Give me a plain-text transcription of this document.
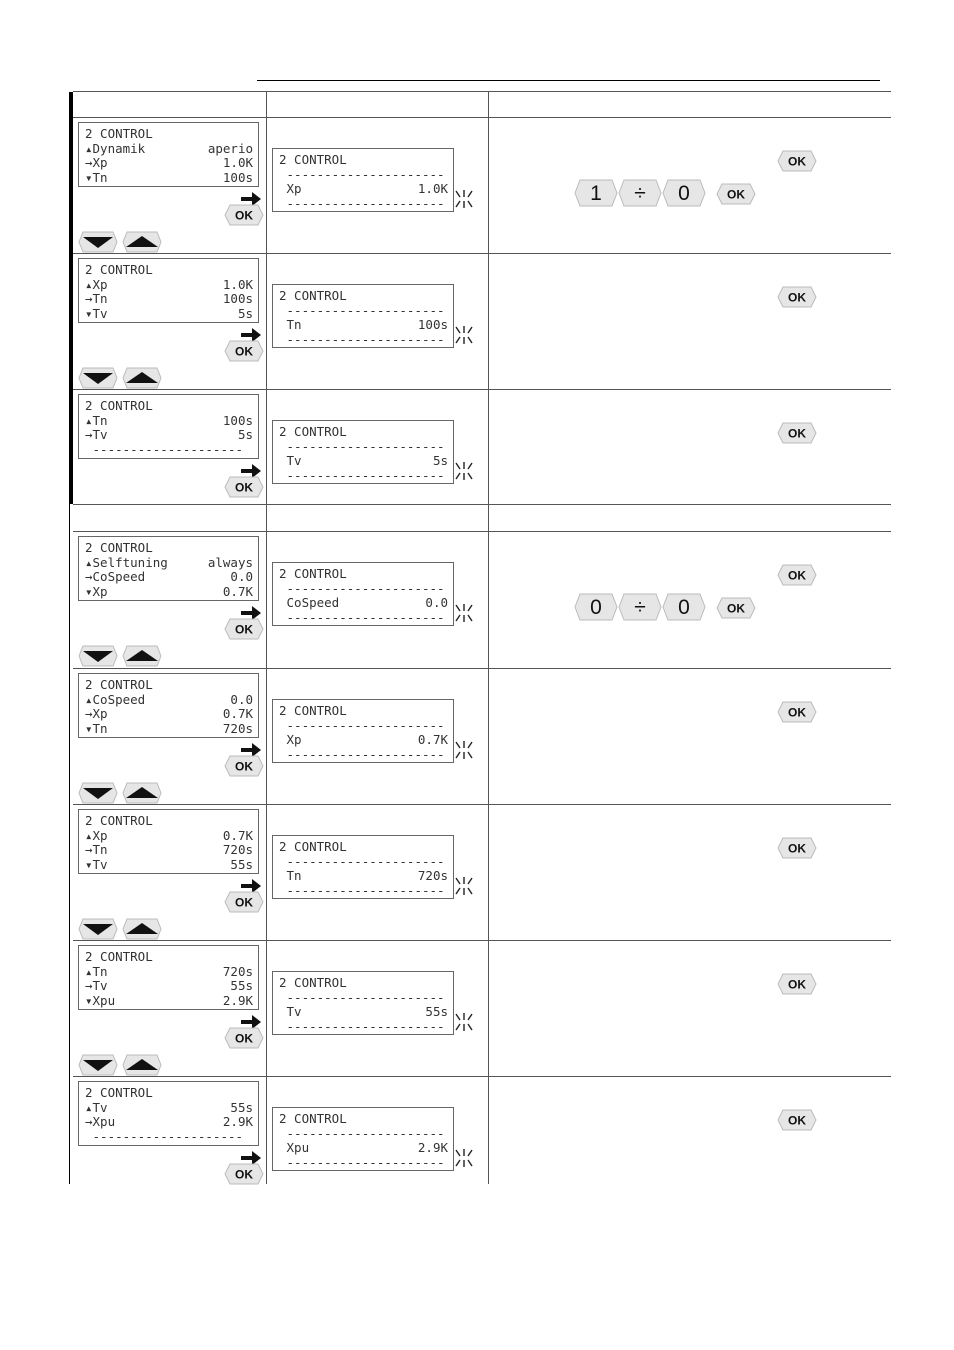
2 CONTROL
▴Dynamik	aperio
→Xp	1.0K
▾Tn	100s
OK
2 CONTROL
---------------------
Xp	1.0K
---------------------
OK
1 ÷ 0	OK
2 CONTROL
▴Xp	1.0K
→Tn	100s
▾Tv	5s
OK
2 CONTROL
---------------------
Tn	100s
---------------------
OK
2 CONTROL
▴Tn	100s
→Tv	5s
--------------------
OK
2 CONTROL
---------------------
Tv	5s
---------------------
OK
2 CONTROL
▴Selftuning	always
→CoSpeed	0.0
▾Xp	0.7K
OK
2 CONTROL
---------------------
CoSpeed	0.0
---------------------
OK
0 ÷ 0	OK
2 CONTROL
▴CoSpeed	0.0
→Xp	0.7K
▾Tn	720s
OK
2 CONTROL
---------------------
Xp	0.7K
---------------------
OK
2 CONTROL
▴Xp	0.7K
→Tn	720s
▾Tv	55s
OK
2 CONTROL
---------------------
Tn	720s
---------------------
OK
2 CONTROL
▴Tn	720s
→Tv	55s
▾Xpu	2.9K
OK
2 CONTROL
---------------------
Tv	55s
---------------------
OK
2 CONTROL
▴Tv	55s
→Xpu	2.9K
--------------------
OK
2 CONTROL
---------------------
Xpu	2.9K
---------------------
OK
